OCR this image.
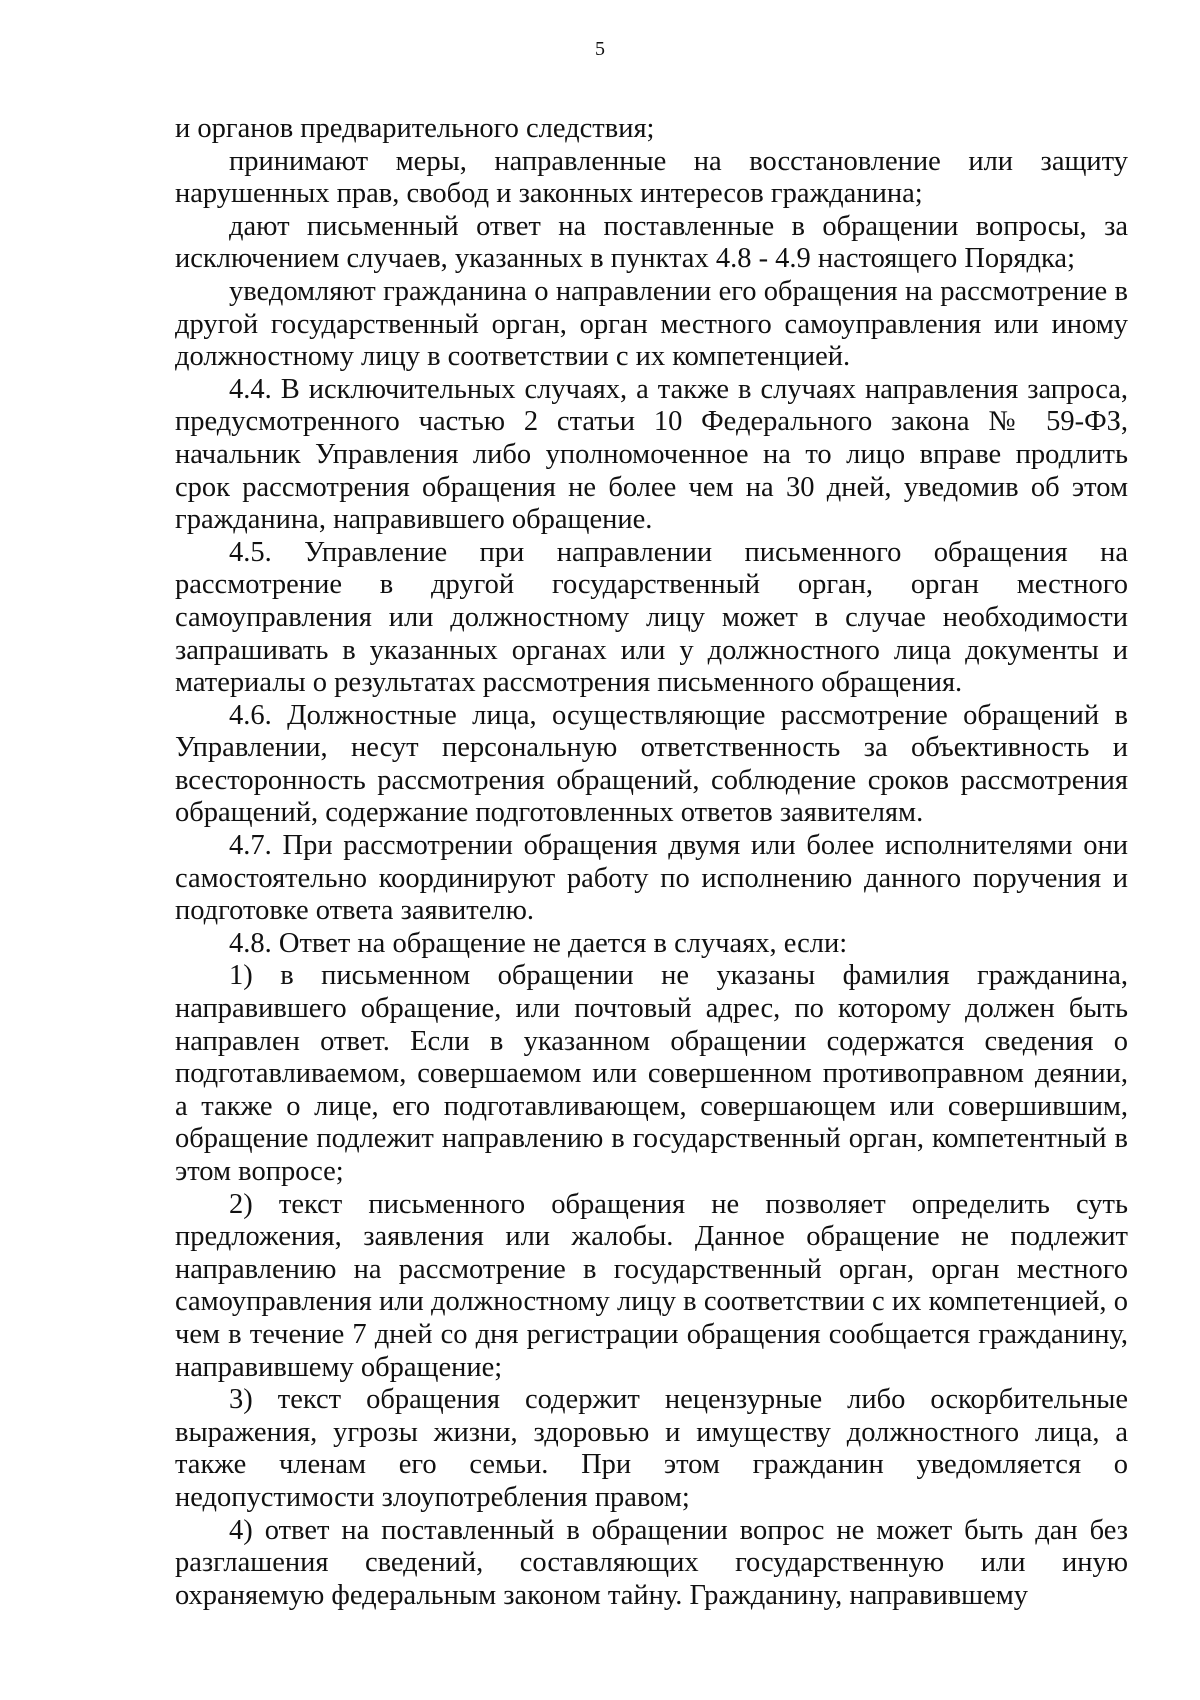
5

и органов предварительного следствия;

принимают меры, направленные на восстановление или защиту нарушенных прав, свобод и законных интересов гражданина;

дают письменный ответ на поставленные в обращении вопросы, за исключением случаев, указанных в пунктах 4.8 - 4.9 настоящего Порядка;

уведомляют гражданина о направлении его обращения на рассмотрение в другой государственный орган, орган местного самоуправления или иному должностному лицу в соответствии с их компетенцией.

4.4. В исключительных случаях, а также в случаях направления запроса, предусмотренного частью 2 статьи 10 Федерального закона № 59-ФЗ, начальник Управления либо уполномоченное на то лицо вправе продлить срок рассмотрения обращения не более чем на 30 дней, уведомив об этом гражданина, направившего обращение.

4.5. Управление при направлении письменного обращения на рассмотрение в другой государственный орган, орган местного самоуправления или должностному лицу может в случае необходимости запрашивать в указанных органах или у должностного лица документы и материалы о результатах рассмотрения письменного обращения.

4.6. Должностные лица, осуществляющие рассмотрение обращений в Управлении, несут персональную ответственность за объективность и всесторонность рассмотрения обращений, соблюдение сроков рассмотрения обращений, содержание подготовленных ответов заявителям.

4.7. При рассмотрении обращения двумя или более исполнителями они самостоятельно координируют работу по исполнению данного поручения и подготовке ответа заявителю.

4.8. Ответ на обращение не дается в случаях, если:

1) в письменном обращении не указаны фамилия гражданина, направившего обращение, или почтовый адрес, по которому должен быть направлен ответ. Если в указанном обращении содержатся сведения о подготавливаемом, совершаемом или совершенном противоправном деянии, а также о лице, его подготавливающем, совершающем или совершившим, обращение подлежит направлению в государственный орган, компетентный в этом вопросе;

2) текст письменного обращения не позволяет определить суть предложения, заявления или жалобы. Данное обращение не подлежит направлению на рассмотрение в государственный орган, орган местного самоуправления или должностному лицу в соответствии с их компетенцией, о чем в течение 7 дней со дня регистрации обращения сообщается гражданину, направившему обращение;

3) текст обращения содержит нецензурные либо оскорбительные выражения, угрозы жизни, здоровью и имуществу должностного лица, а также членам его семьи. При этом гражданин уведомляется о недопустимости злоупотребления правом;

4) ответ на поставленный в обращении вопрос не может быть дан без разглашения сведений, составляющих государственную или иную охраняемую федеральным законом тайну. Гражданину, направившему
